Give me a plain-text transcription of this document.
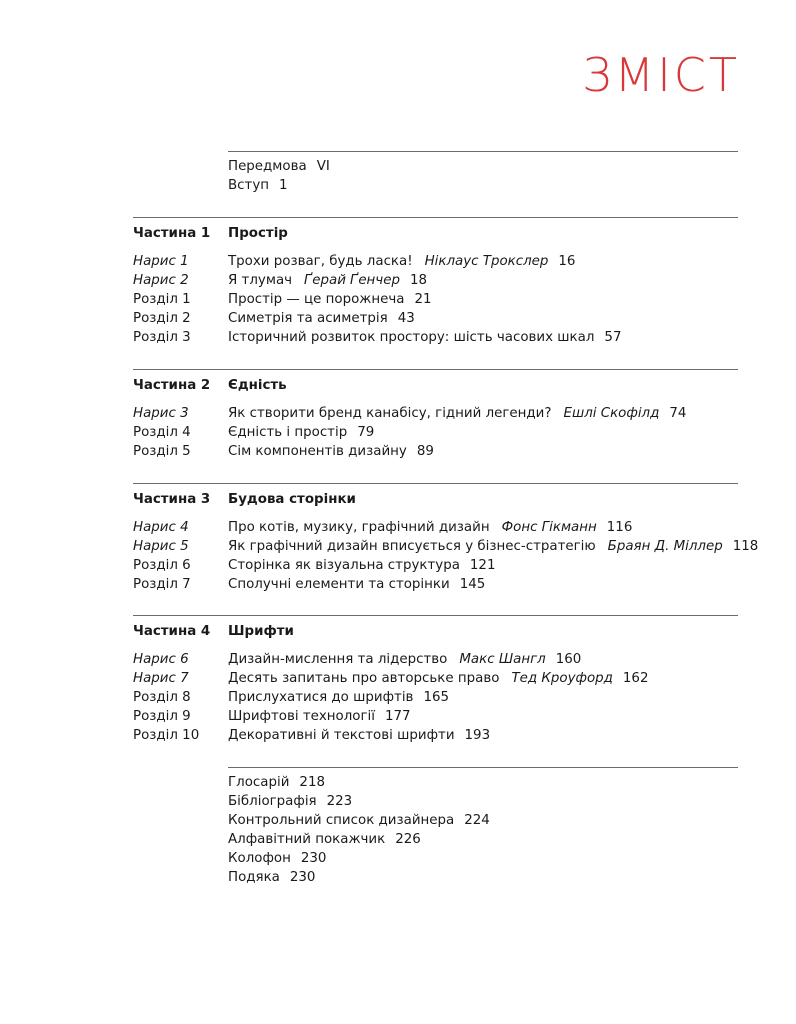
ЗМІСТ
Передмова VI
Вступ 1
Частина 1 Простір
Нарис 1	Трохи розваг, будь ласка! Ніклаус Трокслер 16
Нарис 2	Я тлумач Ґерай Ґенчер 18
Розділ 1	Простір — це порожнеча 21
Розділ 2	Симетрія та асиметрія 43
Розділ 3	Історичний розвиток простору: шість часових шкал 57
Частина 2 Єдність
Нарис 3	Як створити бренд канабісу, гідний легенди? Ешлі Скофілд 74
Розділ 4	Єдність і простір 79
Розділ 5	Сім компонентів дизайну 89
Частина 3 Будова сторінки
Нарис 4	Про котів, музику, графічний дизайн Фонс Гікманн 116
Нарис 5	Як графічний дизайн вписується у бізнес-стратегію Браян Д. Міллер 118
Розділ 6	Сторінка як візуальна структура 121
Розділ 7	Сполучні елементи та сторінки 145
Частина 4 Шрифти
Нарис 6	Дизайн-мислення та лідерство Макс Шангл 160
Нарис 7	Десять запитань про авторське право Тед Кроуфорд 162
Розділ 8	Прислухатися до шрифтів 165
Розділ 9	Шрифтові технології 177
Розділ 10 Декоративні й текстові шрифти 193
Глосарій 218
Бібліографія 223
Контрольний список дизайнера 224
Алфавітний покажчик 226
Колофон 230
Подяка 230
